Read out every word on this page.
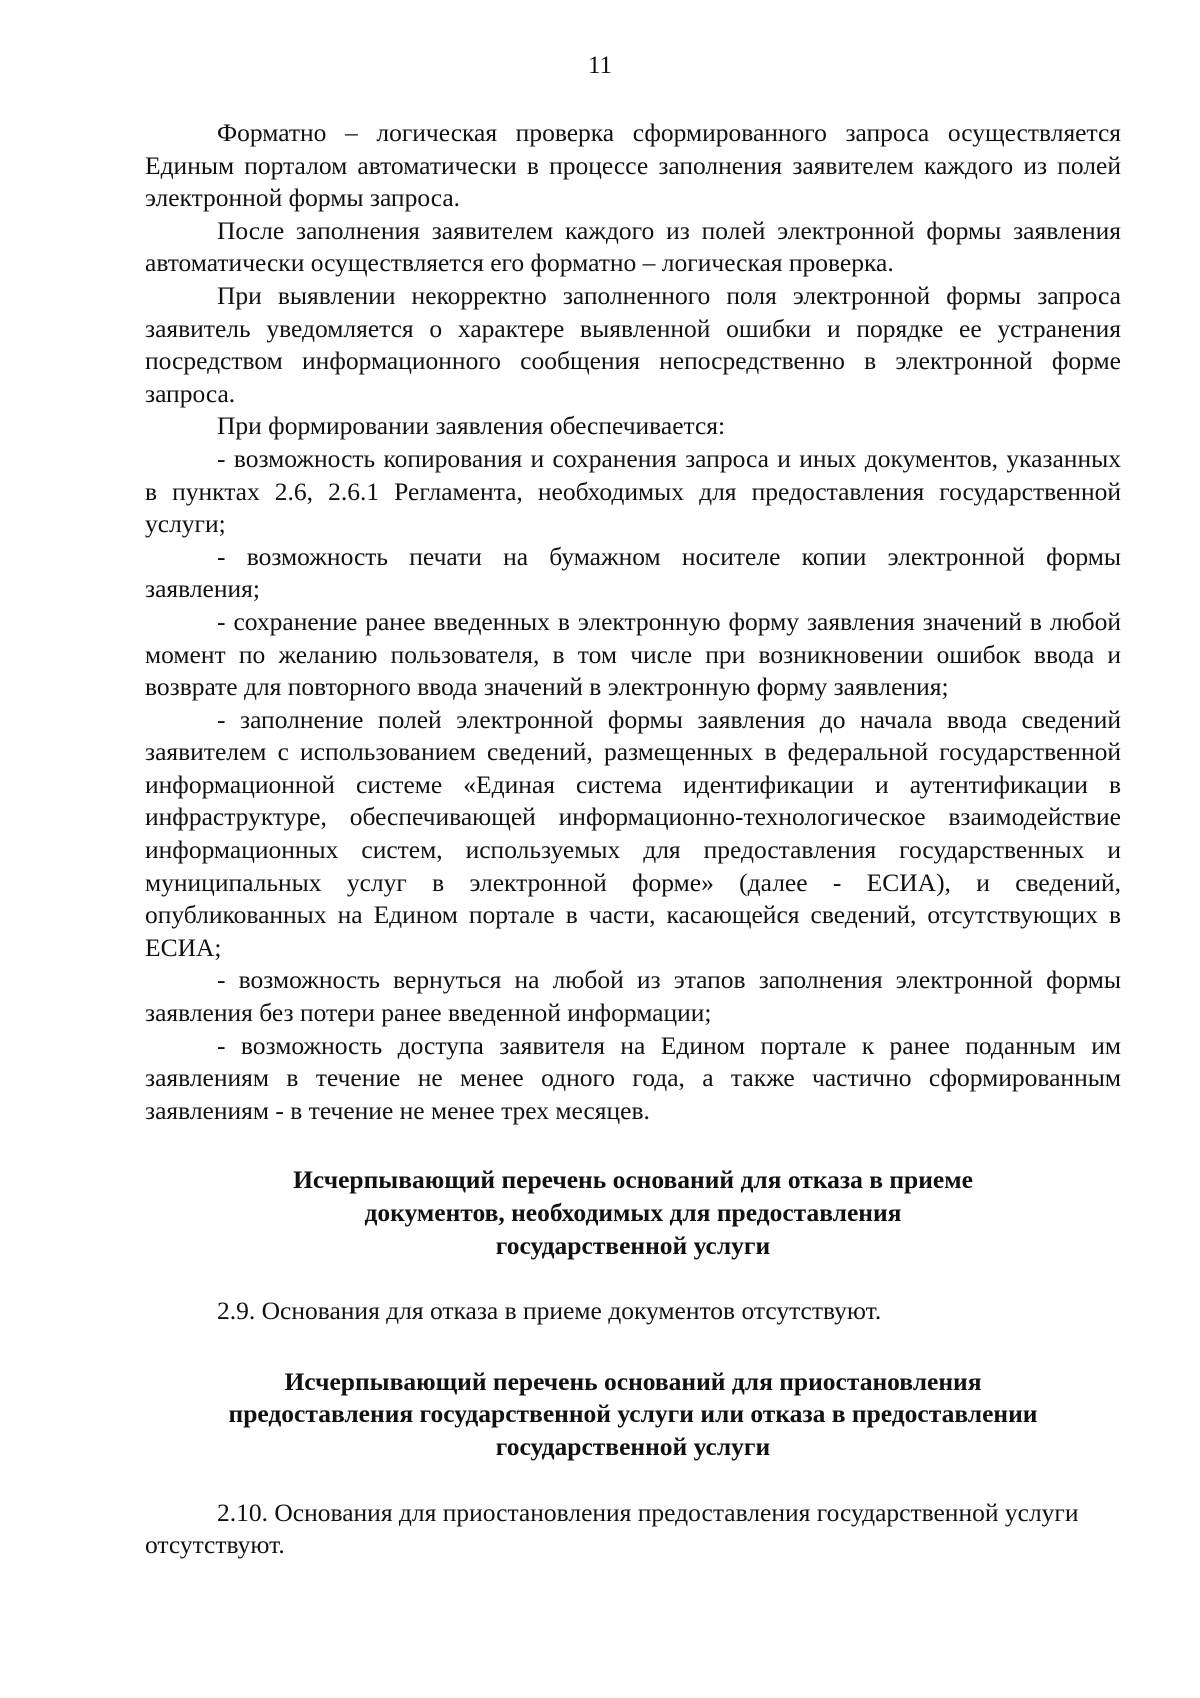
11

Форматно – логическая проверка сформированного запроса осуществляется Единым порталом автоматически в процессе заполнения заявителем каждого из полей электронной формы запроса.

После заполнения заявителем каждого из полей электронной формы заявления автоматически осуществляется его форматно – логическая проверка.

При выявлении некорректно заполненного поля электронной формы запроса заявитель уведомляется о характере выявленной ошибки и порядке ее устранения посредством информационного сообщения непосредственно в электронной форме запроса.

При формировании заявления обеспечивается:

- возможность копирования и сохранения запроса и иных документов, указанных в пунктах 2.6, 2.6.1 Регламента, необходимых для предоставления государственной услуги;

- возможность печати на бумажном носителе копии электронной формы заявления;

- сохранение ранее введенных в электронную форму заявления значений в любой момент по желанию пользователя, в том числе при возникновении ошибок ввода и возврате для повторного ввода значений в электронную форму заявления;

- заполнение полей электронной формы заявления до начала ввода сведений заявителем с использованием сведений, размещенных в федеральной государственной информационной системе «Единая система идентификации и аутентификации в инфраструктуре, обеспечивающей информационно-технологическое взаимодействие информационных систем, используемых для предоставления государственных и муниципальных услуг в электронной форме» (далее - ЕСИА), и сведений, опубликованных на Едином портале в части, касающейся сведений, отсутствующих в ЕСИА;

- возможность вернуться на любой из этапов заполнения электронной формы заявления без потери ранее введенной информации;

- возможность доступа заявителя на Едином портале к ранее поданным им заявлениям в течение не менее одного года, а также частично сформированным заявлениям - в течение не менее трех месяцев.

Исчерпывающий перечень оснований для отказа в приеме
документов, необходимых для предоставления
государственной услуги

2.9. Основания для отказа в приеме документов отсутствуют.

Исчерпывающий перечень оснований для приостановления
предоставления государственной услуги или отказа в предоставлении
государственной услуги

2.10. Основания для приостановления предоставления государственной услуги отсутствуют.
